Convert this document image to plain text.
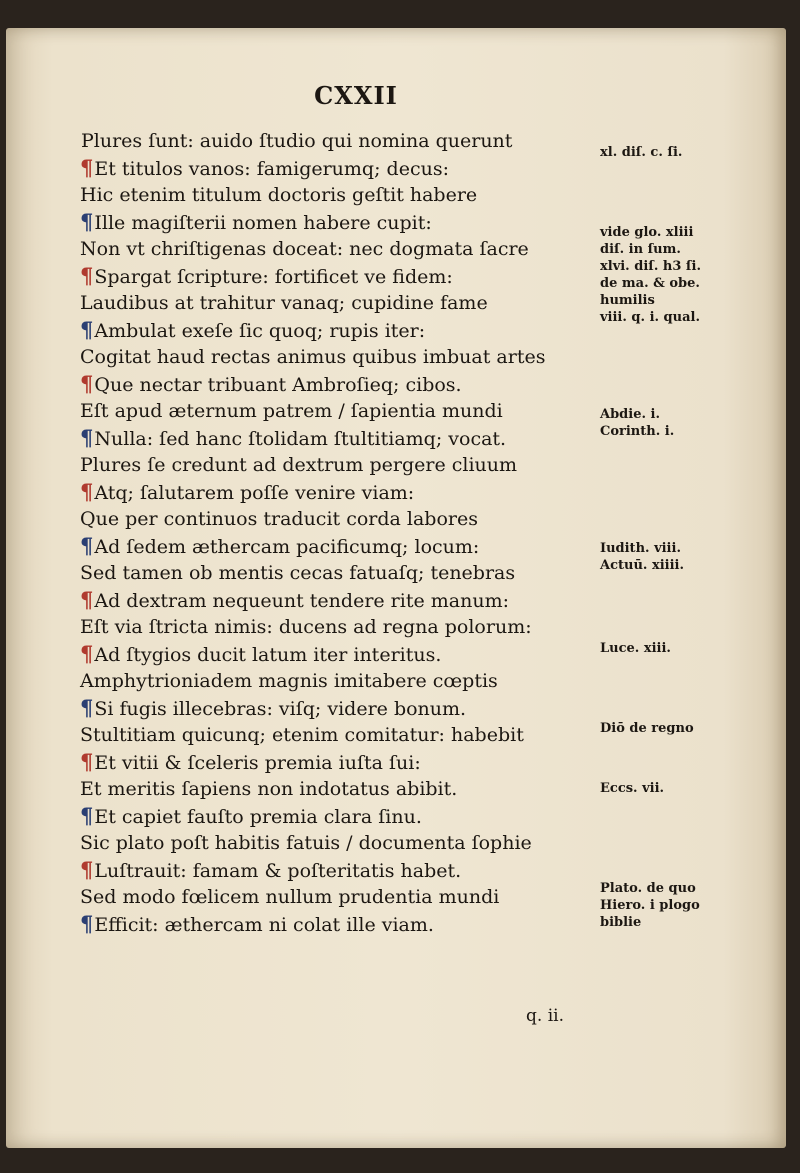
CXXII
Plures ſunt: auido ſtudio qui nomina querunt
¶Et titulos vanos: famigerumq; decus:
Hic etenim titulum doctoris geſtit habere
¶Ille magiſterii nomen habere cupit:
Non vt chriſtigenas doceat: nec dogmata ſacre
¶Spargat ſcripture: fortificet ve fidem:
Laudibus at trahitur vanaq; cupidine fame
¶Ambulat exeſe ſic quoq; rupis iter:
Cogitat haud rectas animus quibus imbuat artes
¶Que nectar tribuant Ambroſieq; cibos.
Eſt apud æternum patrem / ſapientia mundi
¶Nulla: ſed hanc ſtolidam ſtultitiamq; vocat.
Plures ſe credunt ad dextrum pergere cliuum
¶Atq; ſalutarem poſſe venire viam:
Que per continuos traducit corda labores
¶Ad ſedem æthercam pacificumq; locum:
Sed tamen ob mentis cecas fatuaſq; tenebras
¶Ad dextram nequeunt tendere rite manum:
Eſt via ſtricta nimis: ducens ad regna polorum:
¶Ad ſtygios ducit latum iter interitus.
Amphytrioniadem magnis imitabere cœptis
¶Si fugis illecebras: viſq; videre bonum.
Stultitiam quicunq; etenim comitatur: habebit
¶Et vitii & ſceleris premia iuſta ſui:
Et meritis ſapiens non indotatus abibit.
¶Et capiet fauſto premia clara ſinu.
Sic plato poſt habitis fatuis / documenta ſophie
¶Luſtrauit: famam & poſteritatis habet.
Sed modo fœlicem nullum prudentia mundi
¶Efficit: æthercam ni colat ille viam.
xl. diſ. c. ſi.
vide glo. xliii
diſ. in ſum.
xlvi. diſ. h3 ſi.
de ma. & obe.
humilis
viii. q. i. qual.
Abdie. i.
Corinth. i.
Iudith. viii.
Actuū. xiiii.
Luce. xiii.
Diō de regno
Eccs. vii.
Plato. de quo
Hiero. i plogo
biblie
q. ii.
